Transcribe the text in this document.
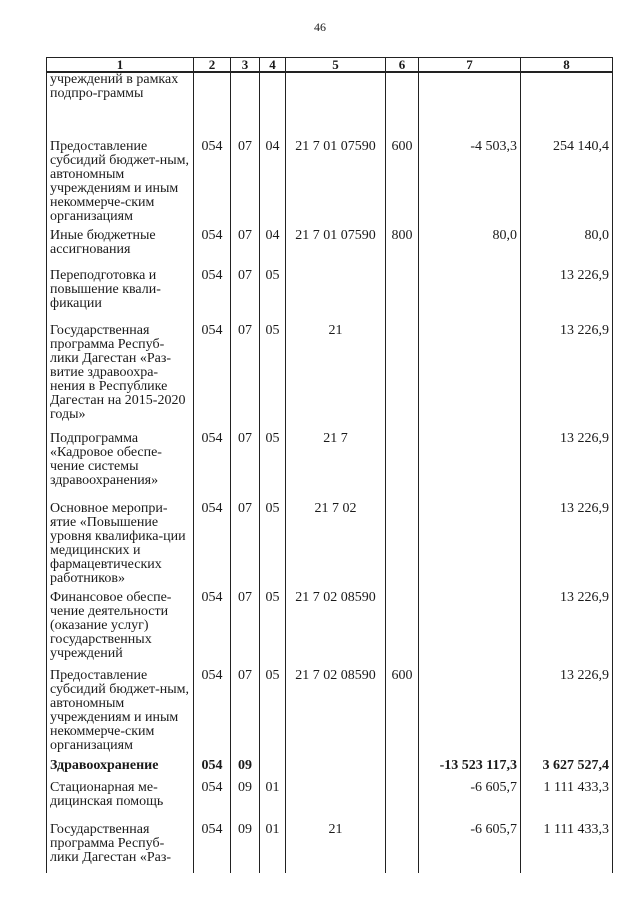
46
1	2	3	4	5	6	7	8
учреждений в рамках подпро-граммы							
Предоставление субсидий бюджет-ным, автономным учреждениям и иным некоммерче-ским организациям	054	07	04	21 7 01 07590	600	-4 503,3	254 140,4
Иные бюджетные ассигнования	054	07	04	21 7 01 07590	800	80,0	80,0
Переподготовка и повышение квали-фикации	054	07	05				13 226,9
Государственная программа Респуб-лики Дагестан «Раз-витие здравоохра-нения в Республике Дагестан на 2015-2020 годы»	054	07	05	21			13 226,9
Подпрограмма «Кадровое обеспе-чение системы здравоохранения»	054	07	05	21 7			13 226,9
Основное меропри-ятие «Повышение уровня квалифика-ции медицинских и фармацевтических работников»	054	07	05	21 7 02			13 226,9
Финансовое обеспе-чение деятельности (оказание услуг) государственных учреждений	054	07	05	21 7 02 08590			13 226,9
Предоставление субсидий бюджет-ным, автономным учреждениям и иным некоммерче-ским организациям	054	07	05	21 7 02 08590	600		13 226,9
Здравоохранение	054	09				-13 523 117,3	3 627 527,4
Стационарная ме-дицинская помощь	054	09	01			-6 605,7	1 111 433,3
Государственная программа Респуб-лики Дагестан «Раз-	054	09	01	21		-6 605,7	1 111 433,3
